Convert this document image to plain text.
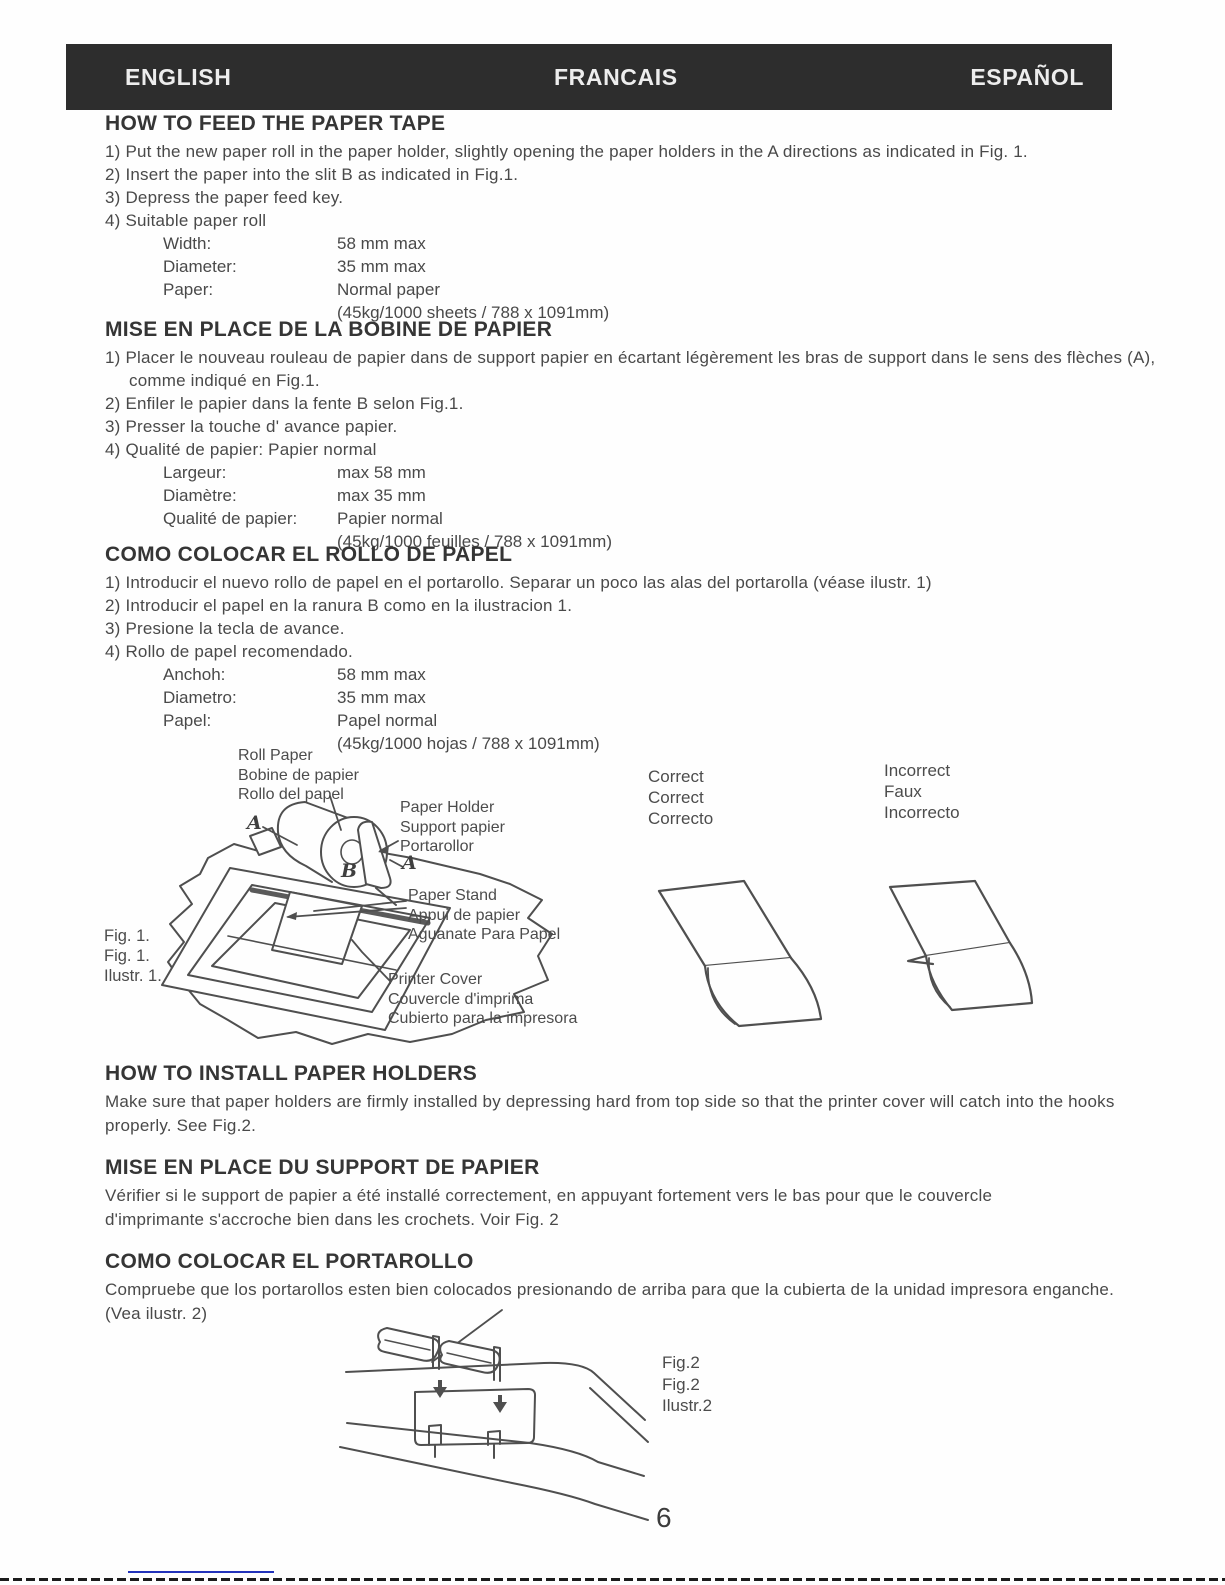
ENGLISH	FRANCAIS	ESPAÑOL
HOW TO FEED THE PAPER TAPE
1) Put the new paper roll in the paper holder, slightly opening the paper holders in the A directions as indicated in Fig. 1.
2) Insert the paper into the slit B as indicated in Fig.1.
3) Depress the paper feed key.
4) Suitable paper roll
Width:	58 mm max
Diameter:	35 mm max
Paper:	Normal paper
(45kg/1000 sheets / 788 x 1091mm)
MISE EN PLACE DE LA BOBINE DE PAPIER
1) Placer le nouveau rouleau de papier dans de support papier en écartant légèrement les bras de support dans le sens des flèches (A), comme indiqué en Fig.1.
2) Enfiler le papier dans la fente B selon Fig.1.
3) Presser la touche d' avance papier.
4) Qualité de papier: Papier normal
Largeur:	max 58 mm
Diamètre:	max 35 mm
Qualité de papier:	Papier normal
(45kg/1000 feuilles / 788 x 1091mm)
COMO COLOCAR EL ROLLO DE PAPEL
1) Introducir el nuevo rollo de papel en el portarollo. Separar un poco las alas del portarolla (véase ilustr. 1)
2) Introducir el papel en la ranura B como en la ilustracion 1.
3) Presione la tecla de avance.
4) Rollo de papel recomendado.
Anchoh:	58 mm max
Diametro:	35 mm max
Papel:	Papel normal
(45kg/1000 hojas / 788 x 1091mm)
Roll Paper
Bobine de papier
Rollo del papel
Paper Holder
Support papier
Portarollor
A
A
B
Paper Stand
Appui de papier
Aguanate Para Papel
Fig. 1.
Fig. 1.
Ilustr. 1.	Printer Cover
Couvercle d'imprima
Cubierto para la impresora
Correct
Correct
Correcto
Incorrect
Faux
Incorrecto
HOW TO INSTALL PAPER HOLDERS

Make sure that paper holders are firmly installed by depressing hard from top side so that the printer cover will catch into the hooks properly. See Fig.2.

MISE EN PLACE DU SUPPORT DE PAPIER

Vérifier si le support de papier a été installé correctement, en appuyant fortement vers le bas pour que le couvercle d'imprimante s'accroche bien dans les crochets. Voir Fig. 2

COMO COLOCAR EL PORTAROLLO

Compruebe que los portarollos esten bien colocados presionando de arriba para que la cubierta de la unidad impresora enganche. (Vea ilustr. 2)

Fig.2
Fig.2
Ilustr.2
6
